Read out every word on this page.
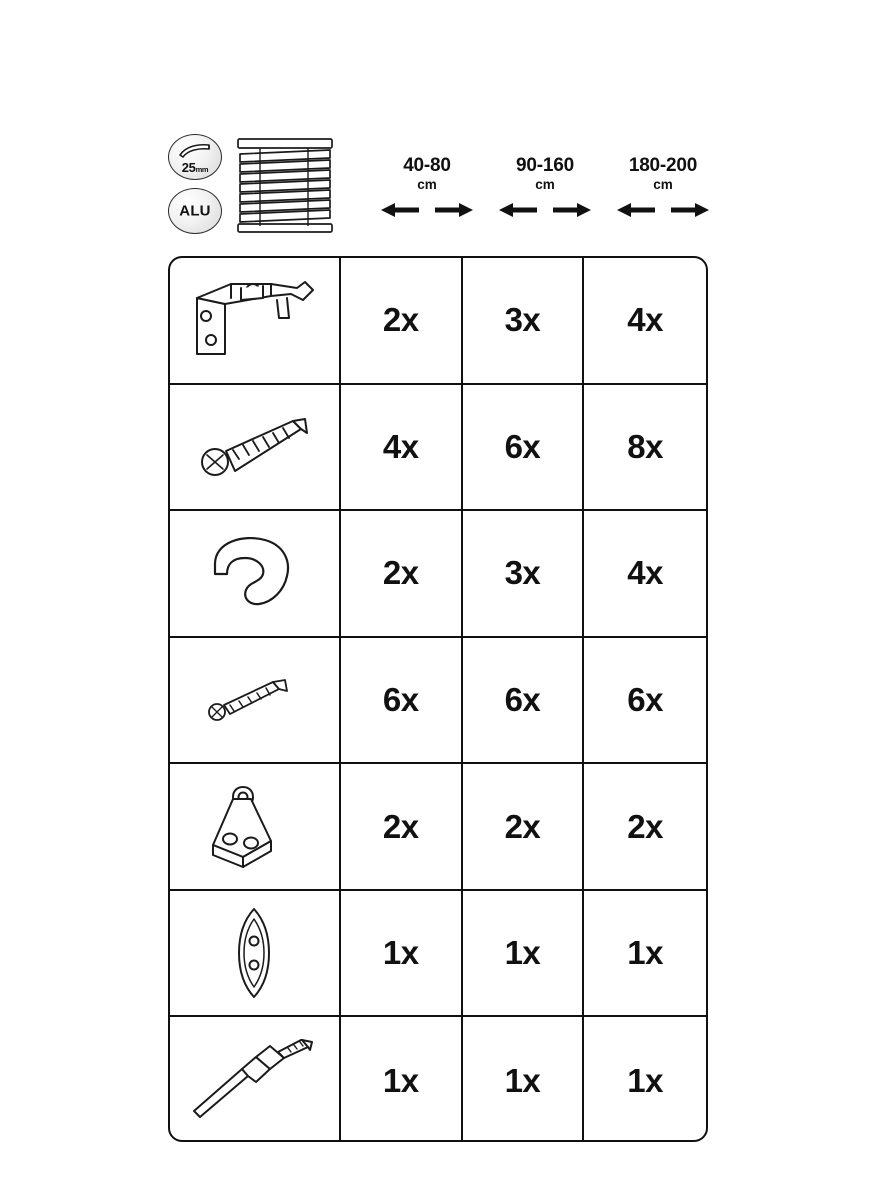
25mm
ALU
40-80
cm
90-160
cm
180-200
cm
2x	3x	4x
4x	6x	8x
2x	3x	4x
6x	6x	6x
2x	2x	2x
1x	1x	1x
1x	1x	1x
